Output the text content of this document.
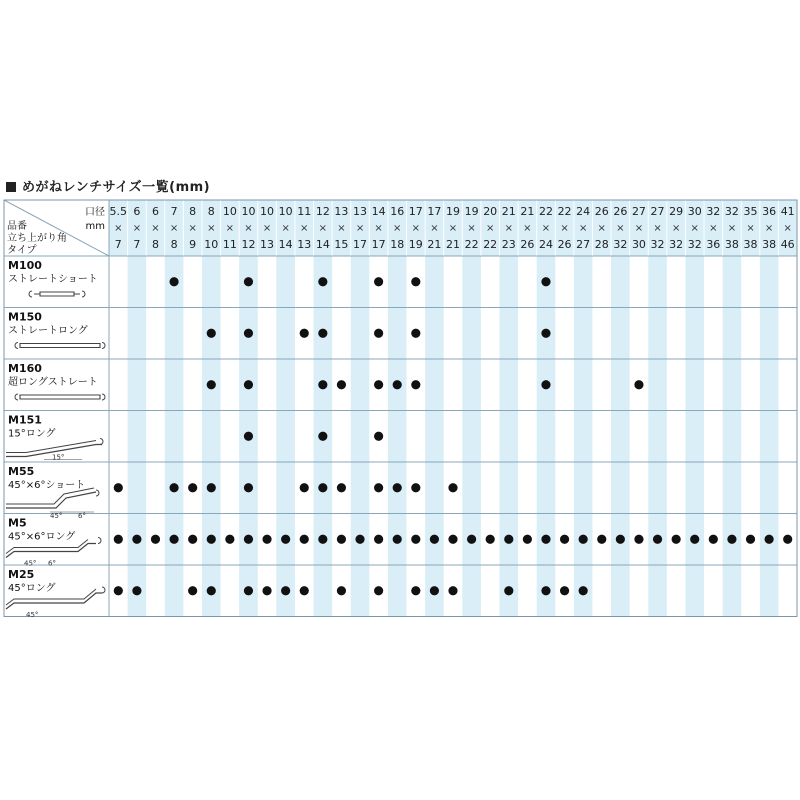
めがねレンチサイズ一覧(mm)
5.5
×
7
6
×
7
6
×
8
7
×
8
8
×
9
8
×
10
10
×
11
10
×
12
10
×
13
10
×
14
11
×
13
12
×
14
13
×
15
13
×
17
14
×
17
16
×
18
17
×
19
17
×
21
19
×
21
19
×
22
20
×
22
21
×
23
21
×
26
22
×
24
22
×
26
24
×
27
26
×
28
26
×
32
27
×
30
27
×
32
29
×
32
30
×
32
32
×
36
32
×
38
35
×
38
36
×
38
41
×
46
口径
mm
品番
立ち上がり角
タイプ
M100
ストレートショート
M150
ストレートロング
M160
超ロングストレート
M151
15°ロング
15°
M55
45°×6°ショート
45° 6°
M5
45°×6°ロング
45° 6°
M25
45°ロング
45°
